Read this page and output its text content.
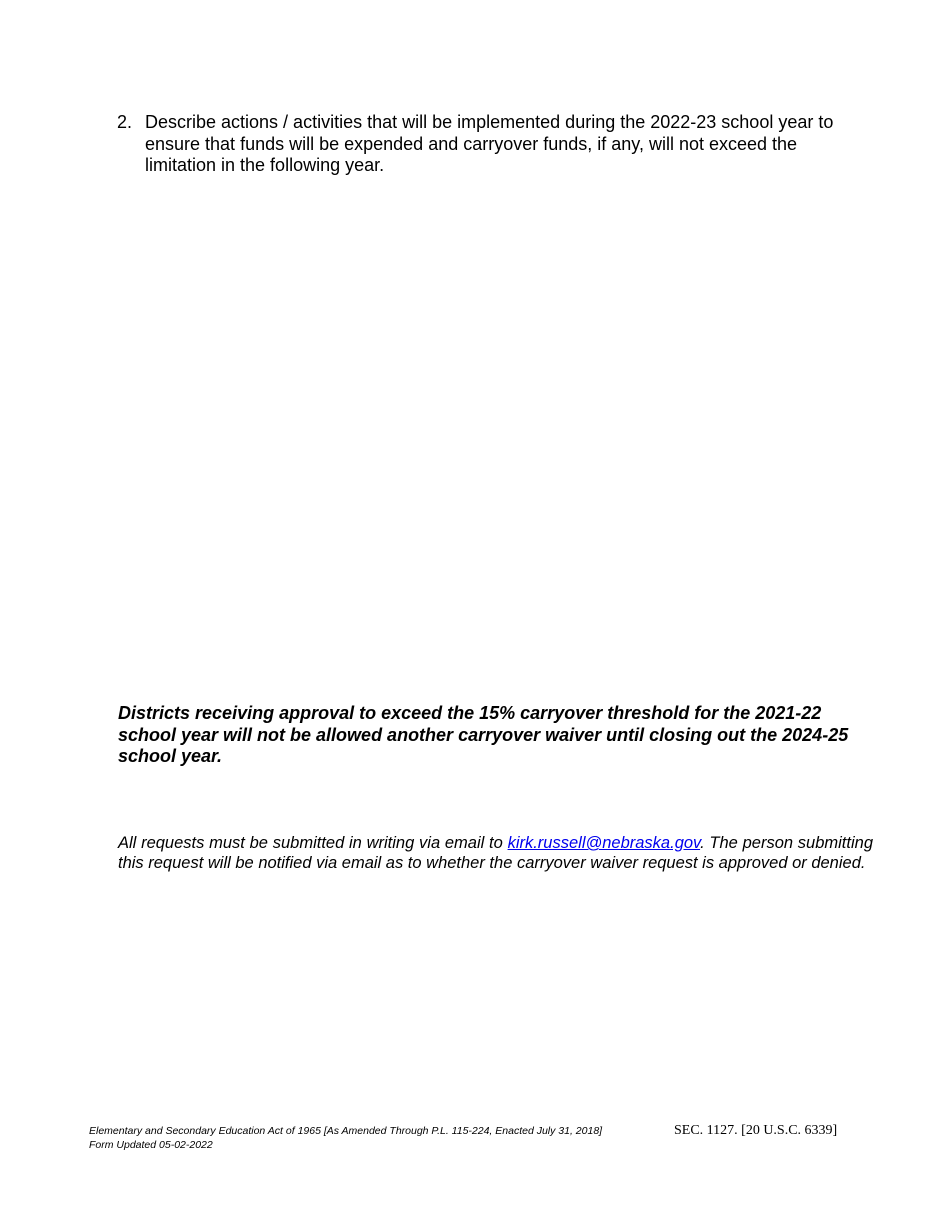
2. Describe actions / activities that will be implemented during the 2022-23 school year to ensure that funds will be expended and carryover funds, if any, will not exceed the limitation in the following year.
Districts receiving approval to exceed the 15% carryover threshold for the 2021-22 school year will not be allowed another carryover waiver until closing out the 2024-25 school year.
All requests must be submitted in writing via email to kirk.russell@nebraska.gov. The person submitting this request will be notified via email as to whether the carryover waiver request is approved or denied.
Elementary and Secondary Education Act of 1965 [As Amended Through P.L. 115-224, Enacted July 31, 2018]
Form Updated 05-02-2022
SEC. 1127. [20 U.S.C. 6339]
